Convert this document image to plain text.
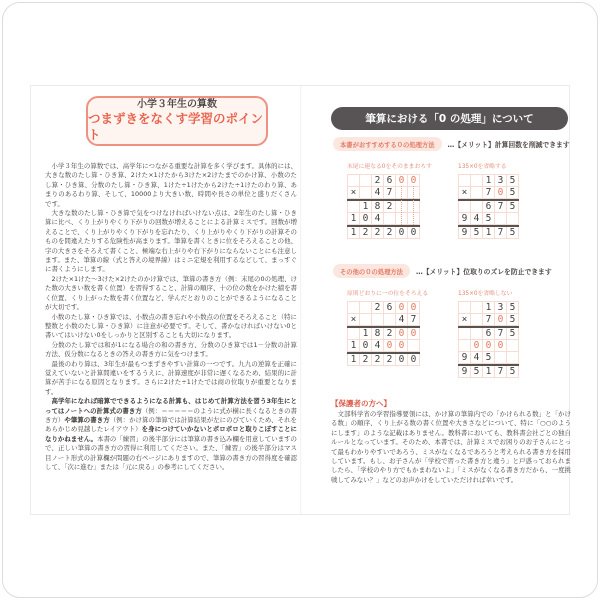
小学３年生の算数
つまずきをなくす学習のポイント

　小学３年生の算数では、高学年につながる重要な計算を多く学びます。具体的には、大きな数のたし算・ひき算、2けた×1けたから3けた×2けたまでのかけ算、小数のたし算・ひき算、分数のたし算・ひき算、1けた÷1けたから2けた÷1けたのわり算、あまりのあるわり算、そして、10000より大きい数、時間や長さの単位と盛りだくさんです。

　大きな数のたし算・ひき算で気をつけなければいけない点は、2年生のたし算・ひき算に比べ、くり上がりやくり下がりの回数が増えることによる計算ミスです。回数が増えることで、くり上がりやくり下がりを忘れたり、くり上がりやくり下がりの計算そのものを間違えたりする危険性が高まります。筆算を書くときに位をそろえることの他、字の大きさをそろえて書くこと、極端な右上がりや右下がりにならないことにも注意します。また、筆算の線（式と答えの境界線）はミニ定規を利用するなどして、まっすぐに書くようにします。

　2けた×1けた～3けた×2けたのかけ算では、筆算の書き方（例：末尾の0の処理、けた数の大きい数を書く位置）を習得すること、計算の順序、十の位の数をかけた積を書く位置、くり上がった数を書く位置など、学んだとおりのことができるようになることが大切です。

　小数のたし算・ひき算では、小数点の書き忘れや小数点の位置をそろえること（特に整数と小数のたし算・ひき算）に注意が必要です。そして、書かなければいけない0と書いてはいけない0をしっかりと区別することも大切になります。

　分数のたし算では和が1になる場合の和の書き方、分数のひき算では1－分数の計算方法、仮分数になるときの答えの書き方に気をつけます。

　最後のわり算は、3年生が最もつまずきやすい計算の一つです。九九の逆算を正確に覚えていないと計算間違いをするうえに、計算速度が非常に遅くなるため、結果的に計算が苦手になる原因となります。さらに2けた÷1けたでは商の位取りが重要となります。

　高学年になれば暗算でできるようになる計算も、はじめて計算方法を習う3年生にとってはノートへの計算式の書き方（例：＝＝＝＝＝のように式が横に長くなるときの書き方）や筆算の書き方（例：かけ算の筆算では計算結果が左にのびていくため、それをあらかじめ見越したレイアウト）を身につけていかないとポロポロと取りこぼすことになりかねません。本書の「練習」の後半部分には筆算の書き込み欄を用意していますので、正しい筆算の書き方の習得に利用してください。また、「練習」の後半部分はマス目ノート形式の計算欄が問題の右ページにありますので、筆算の書き方の習得度を確認して、「次に進む」または「元に戻る」の参考にしてください。

筆算における「0 の処理」について
本書がおすすめする０の処理方法	…【メリット】計算回数を削減できます
末尾に連なる0をそのままおろす
2 6 0 0
×	4 7
1 8 2
1 0 4
1 2 2 2 0 0
135×0を省略する
1 3 5
×	7 0 5
6 7 5
9 4 5
9 5 1 7 5
その他の０の処理方法	…【メリット】位取りのズレを防止できます
原則どおりに一の位をそろえる
2 6 0 0
×	4 7
1 8 2 0 0
1 0 4 0 0
1 2 2 2 0 0
135×0を省略しない
1 3 5
×	7 0 5
6 7 5
0 0 0
9 4 5
9 5 1 7 5
【保護者の方へ】
　文部科学省の学習指導要領には、かけ算の筆算内での「かけられる数」と「かける数」の順序、くり上がる数の書く位置や大きさなどについて、特に「○○のようにします」のような記載はありません。教科書においても、教科書会社ごとの独自ルールとなっています。そのため、本書では、計算ミスでお困りのお子さんにとって最もわかりやすいであろう、ミスがなくなるであろうと考えられる書き方を採用しています。もし、お子さんが「学校で習った書き方と違う」と戸惑っておられましたら、「学校のやり方でもかまわないよ」「ミスがなくなる書き方だから、一度挑戦してみない？」などのお声かけをしていただければ幸いです。
